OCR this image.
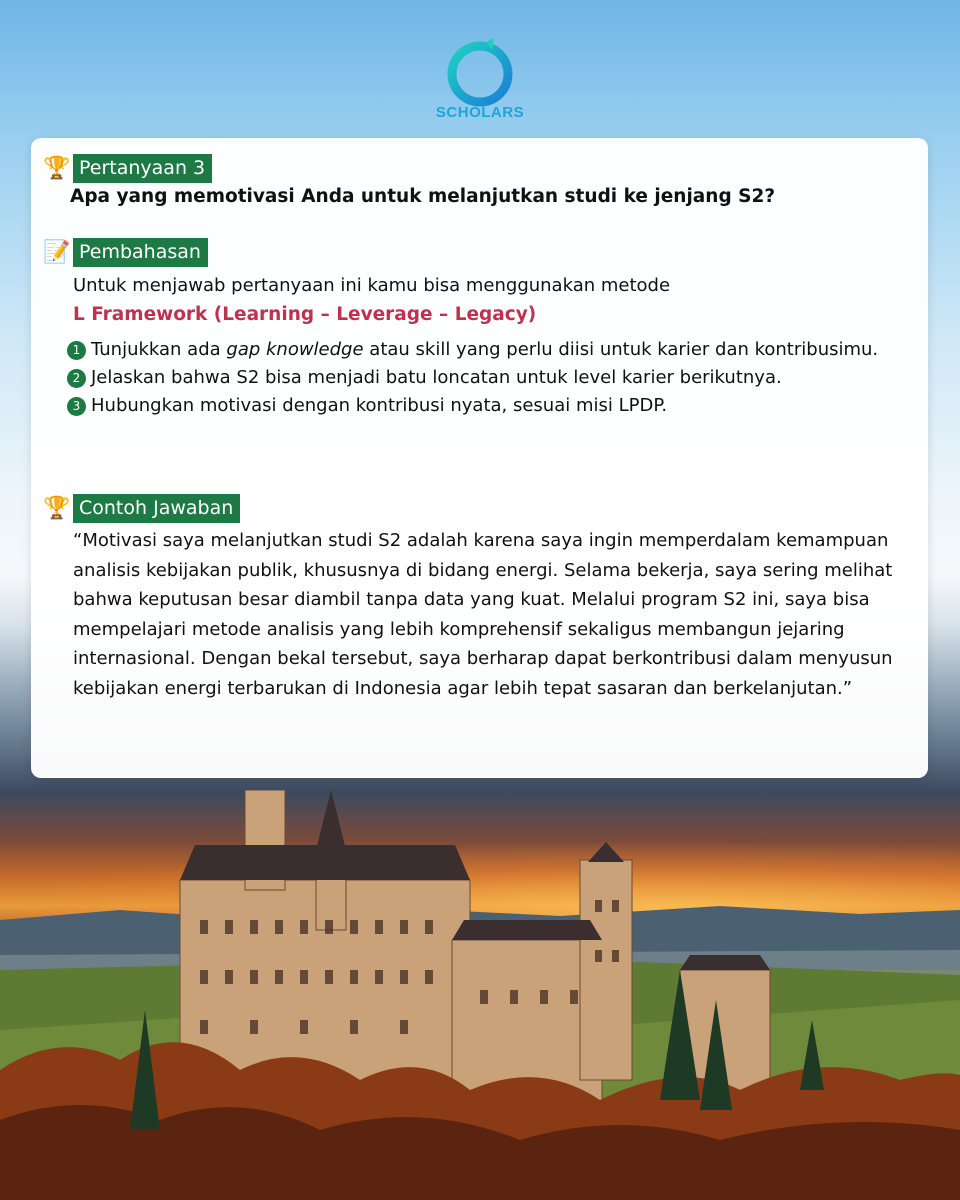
SCHOLARS
🏆 Pertanyaan 3
Apa yang memotivasi Anda untuk melanjutkan studi ke jenjang S2?
📝 Pembahasan
Untuk menjawab pertanyaan ini kamu bisa menggunakan metode
L Framework (Learning – Leverage – Legacy)
1 Tunjukkan ada gap knowledge atau skill yang perlu diisi untuk karier dan kontribusimu.
2 Jelaskan bahwa S2 bisa menjadi batu loncatan untuk level karier berikutnya.
3 Hubungkan motivasi dengan kontribusi nyata, sesuai misi LPDP.
🏆 Contoh Jawaban
“Motivasi saya melanjutkan studi S2 adalah karena saya ingin memperdalam kemampuan analisis kebijakan publik, khususnya di bidang energi. Selama bekerja, saya sering melihat bahwa keputusan besar diambil tanpa data yang kuat. Melalui program S2 ini, saya bisa mempelajari metode analisis yang lebih komprehensif sekaligus membangun jejaring internasional. Dengan bekal tersebut, saya berharap dapat berkontribusi dalam menyusun kebijakan energi terbarukan di Indonesia agar lebih tepat sasaran dan berkelanjutan.”
